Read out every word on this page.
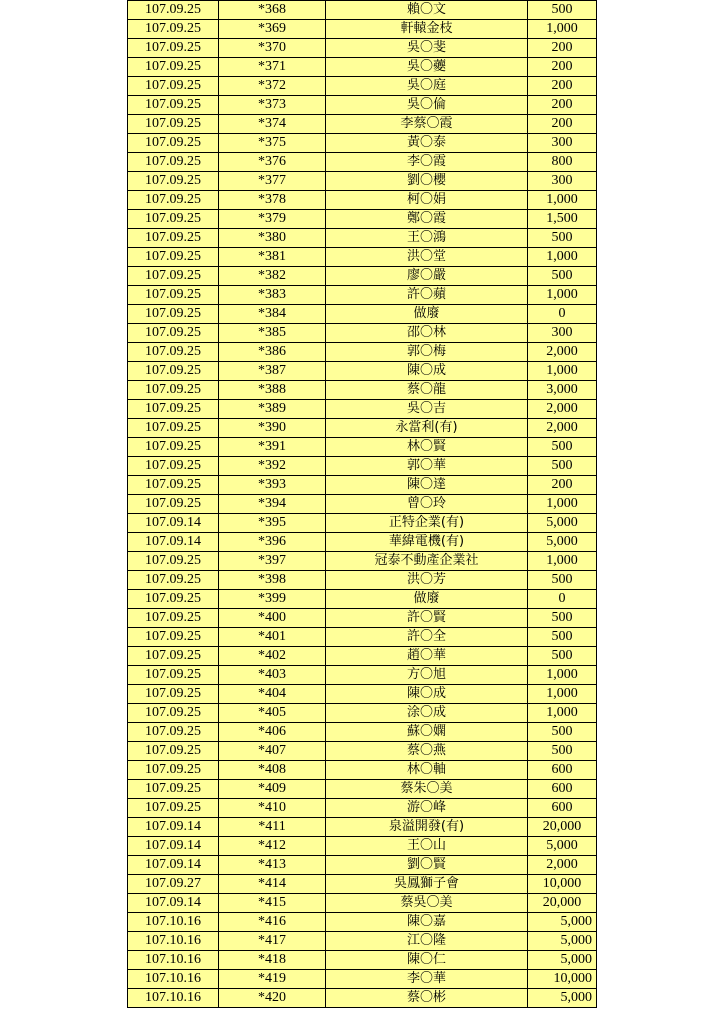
107.09.25	*368	賴〇文	500
107.09.25	*369	軒轅金枝	1,000
107.09.25	*370	吳〇斐	200
107.09.25	*371	吳〇虁	200
107.09.25	*372	吳〇庭	200
107.09.25	*373	吳〇倫	200
107.09.25	*374	李蔡〇霞	200
107.09.25	*375	黃〇泰	300
107.09.25	*376	李〇霞	800
107.09.25	*377	劉〇櫻	300
107.09.25	*378	柯〇娟	1,000
107.09.25	*379	鄭〇霞	1,500
107.09.25	*380	王〇鴻	500
107.09.25	*381	洪〇堂	1,000
107.09.25	*382	廖〇嚴	500
107.09.25	*383	許〇蘋	1,000
107.09.25	*384	做廢	0
107.09.25	*385	邵〇林	300
107.09.25	*386	郭〇梅	2,000
107.09.25	*387	陳〇成	1,000
107.09.25	*388	蔡〇龍	3,000
107.09.25	*389	吳〇吉	2,000
107.09.25	*390	永當利(有)	2,000
107.09.25	*391	林〇賢	500
107.09.25	*392	郭〇華	500
107.09.25	*393	陳〇達	200
107.09.25	*394	曾〇玲	1,000
107.09.14	*395	正特企業(有)	5,000
107.09.14	*396	華緯電機(有)	5,000
107.09.25	*397	冠泰不動產企業社	1,000
107.09.25	*398	洪〇芳	500
107.09.25	*399	做廢	0
107.09.25	*400	許〇賢	500
107.09.25	*401	許〇全	500
107.09.25	*402	趙〇華	500
107.09.25	*403	方〇旭	1,000
107.09.25	*404	陳〇成	1,000
107.09.25	*405	涂〇成	1,000
107.09.25	*406	蘇〇嫻	500
107.09.25	*407	蔡〇燕	500
107.09.25	*408	林〇軸	600
107.09.25	*409	蔡朱〇美	600
107.09.25	*410	游〇峰	600
107.09.14	*411	泉溢開發(有)	20,000
107.09.14	*412	王〇山	5,000
107.09.14	*413	劉〇賢	2,000
107.09.27	*414	吳鳳獅子會	10,000
107.09.14	*415	蔡吳〇美	20,000
107.10.16	*416	陳〇嘉	5,000
107.10.16	*417	江〇隆	5,000
107.10.16	*418	陳〇仁	5,000
107.10.16	*419	李〇華	10,000
107.10.16	*420	蔡〇彬	5,000
